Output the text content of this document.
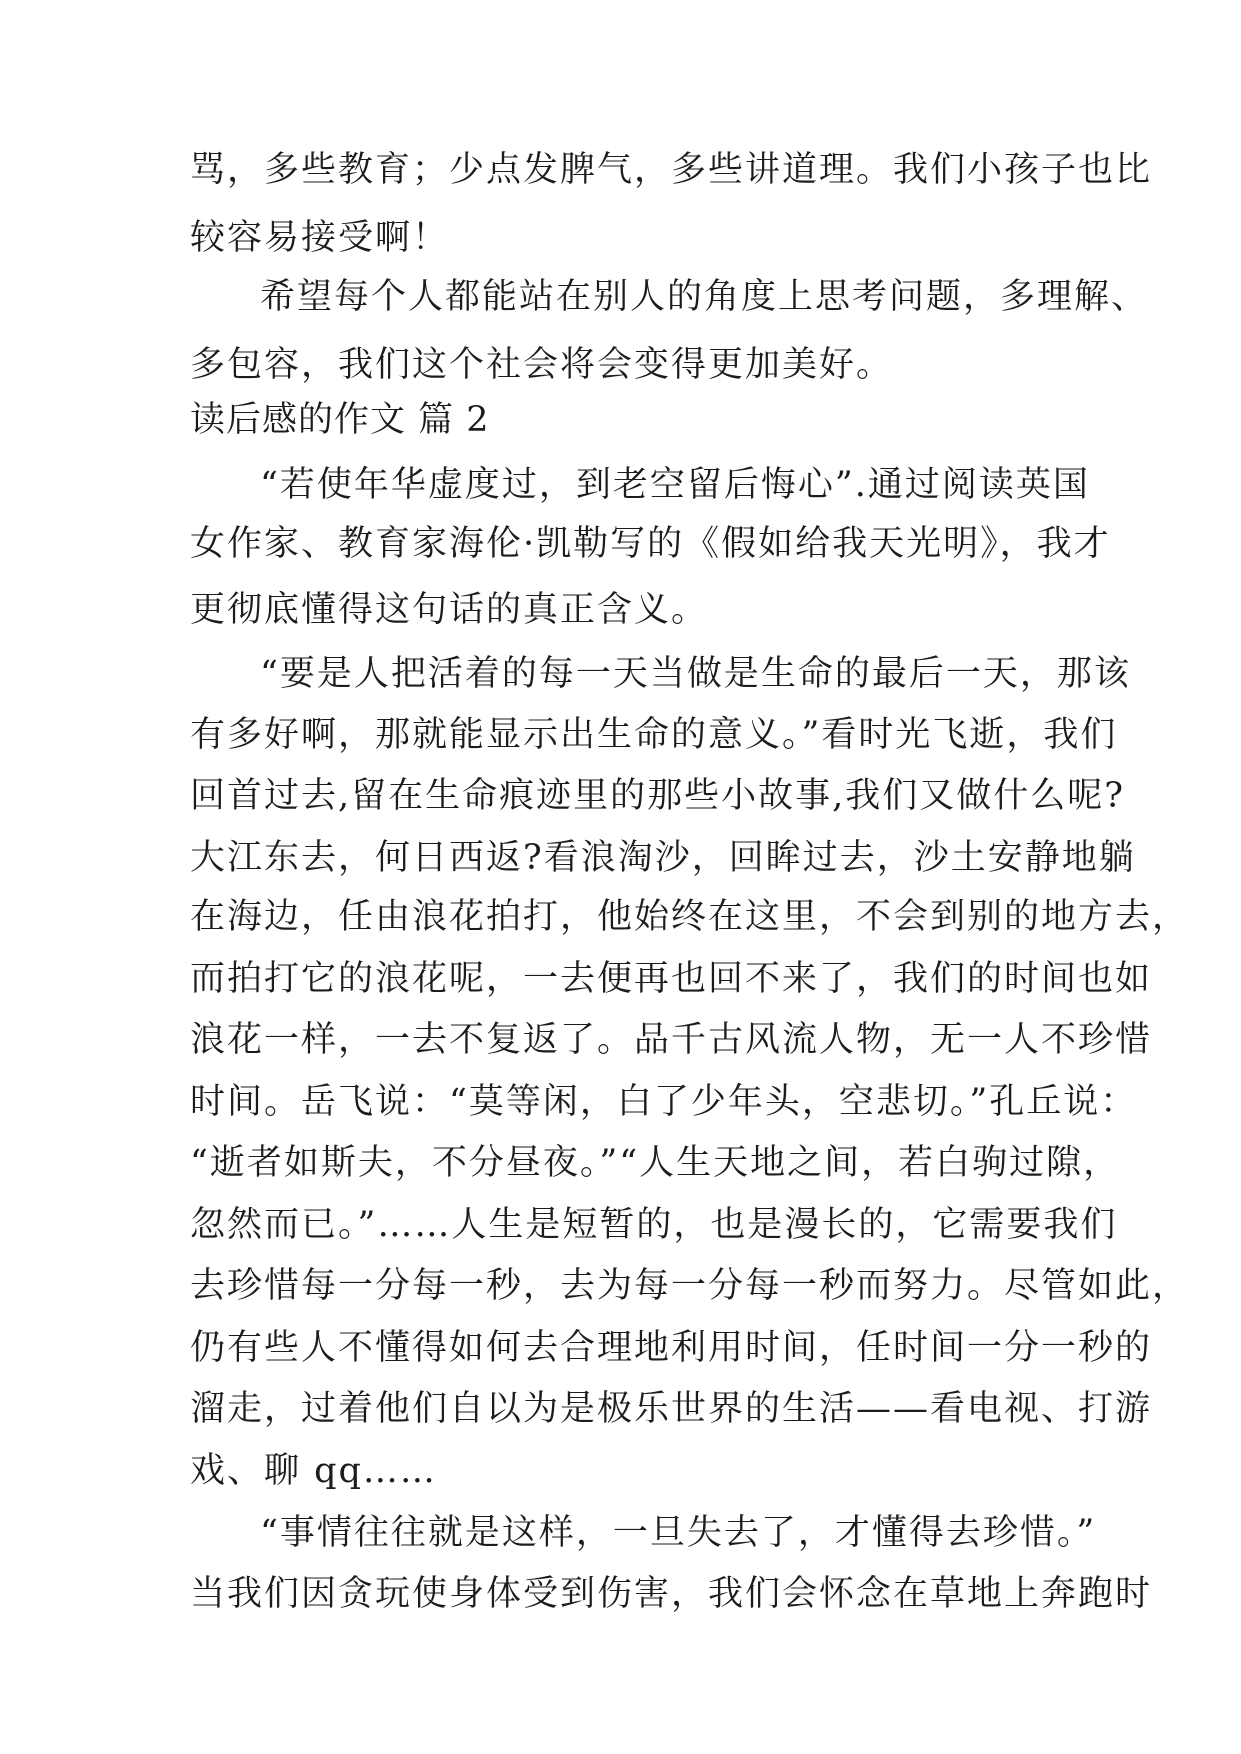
骂，多些教育；少点发脾气，多些讲道理。我们小孩子也比
较容易接受啊！
希望每个人都能站在别人的角度上思考问题，多理解、
多包容，我们这个社会将会变得更加美好。
读后感的作文 篇 2
“若使年华虚度过，到老空留后悔心”.通过阅读英国
女作家、教育家海伦·凯勒写的《假如给我天光明》，我才
更彻底懂得这句话的真正含义。
“要是人把活着的每一天当做是生命的最后一天，那该
有多好啊，那就能显示出生命的意义。”看时光飞逝，我们
回首过去,留在生命痕迹里的那些小故事,我们又做什么呢?
大江东去，何日西返?看浪淘沙，回眸过去，沙土安静地躺
在海边，任由浪花拍打，他始终在这里，不会到别的地方去，
而拍打它的浪花呢，一去便再也回不来了，我们的时间也如
浪花一样，一去不复返了。品千古风流人物，无一人不珍惜
时间。岳飞说：“莫等闲，白了少年头，空悲切。”孔丘说：
“逝者如斯夫，不分昼夜。”“人生天地之间，若白驹过隙，
忽然而已。”……人生是短暂的，也是漫长的，它需要我们
去珍惜每一分每一秒，去为每一分每一秒而努力。尽管如此，
仍有些人不懂得如何去合理地利用时间，任时间一分一秒的
溜走，过着他们自以为是极乐世界的生活——看电视、打游
戏、聊 qq……
“事情往往就是这样，一旦失去了，才懂得去珍惜。”
当我们因贪玩使身体受到伤害，我们会怀念在草地上奔跑时
